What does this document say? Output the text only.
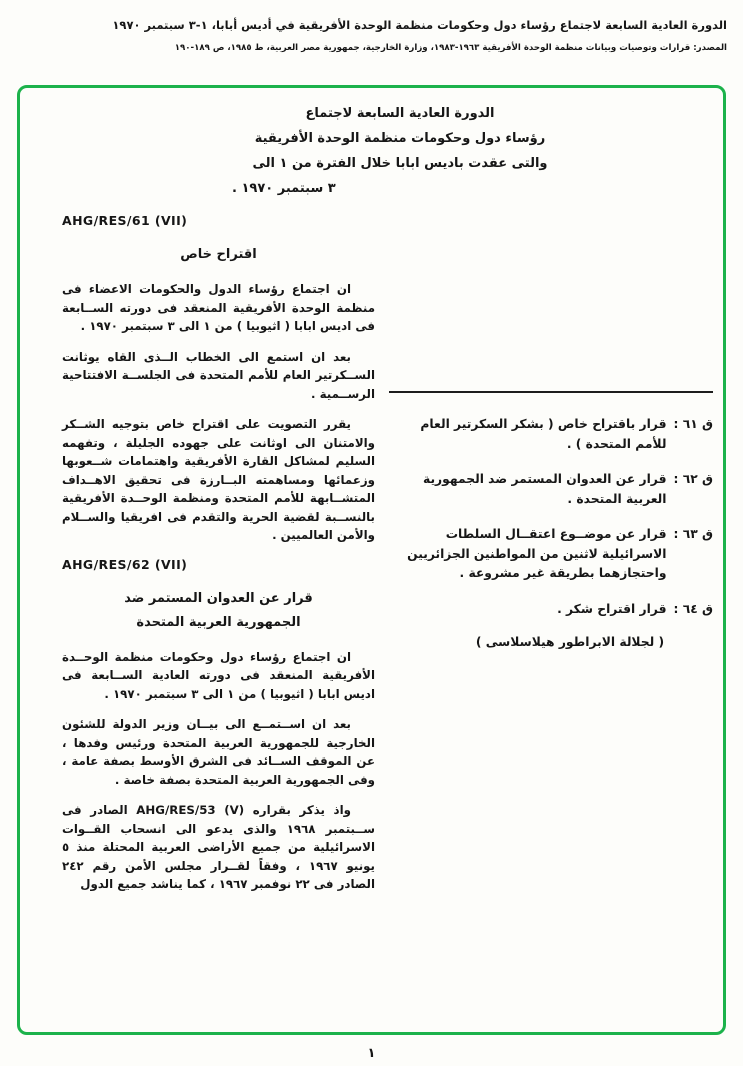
الدورة العادية السابعة لاجتماع رؤساء دول وحكومات منظمة الوحدة الأفريقية في أديس أبابا، ١-٣ سبتمبر ١٩٧٠
المصدر: قرارات وتوصيات وبيانات منظمة الوحدة الأفريقية ١٩٦٣-١٩٨٣، وزارة الخارجية، جمهورية مصر العربية، ط ١٩٨٥، ص ١٨٩-١٩٠
الدورة العادية السابعة لاجتماع
رؤساء دول وحكومات منظمة الوحدة الأفريقية
والتى عقدت باديس ابابا خلال الفترة من ١ الى
٣ سبتمبر ١٩٧٠ .
AHG/RES/61 (VII)
اقتراح خاص

ان اجتماع رؤساء الدول والحكومات الاعضاء فى منظمة الوحدة الأفريقية المنعقد فى دورته الســابعة فى اديس ابابا ( اثيوبيا ) من ١ الى ٣ سبتمبر ١٩٧٠ .

بعد ان استمع الى الخطاب الــذى القاه يوثانت الســكرتير العام للأمم المتحدة فى الجلســة الافتتاحية الرســمية .

يقرر التصويت على اقتراح خاص بتوجيه الشــكر والامتنان الى اوثانت على جهوده الجليلة ، وتفهمه السليم لمشاكل القارة الأفريقية واهتمامات شــعوبها وزعمائها ومساهمته البــارزة فى تحقيق الاهــداف المتشــابهة للأمم المتحدة ومنظمة الوحــدة الأفريقية بالنســبة لقضية الحرية والتقدم فى افريقيا والســلام والأمن العالميين .

AHG/RES/62 (VII)
قرار عن العدوان المستمر ضد
الجمهورية العربية المتحدة

ان اجتماع رؤساء دول وحكومات منظمة الوحــدة الأفريقية المنعقد فى دورته العادية الســابعة فى اديس ابابا ( اثيوبيا ) من ١ الى ٣ سبتمبر ١٩٧٠ .

بعد ان اســتمــع الى بيــان وزير الدولة للشئون الخارجية للجمهورية العربية المتحدة ورئيس وفدها ، عن الموقف الســائد فى الشرق الأوسط بصفة عامة ، وفى الجمهورية العربية المتحدة بصفة خاصة .

واذ يذكر بقراره ⁦AHG/RES/53 (V)⁩ الصادر فى ســبتمبر ١٩٦٨ والذى يدعو الى انسحاب القــوات الاسرائيلية من جميع الأراضى العربية المحتلة منذ ٥ يونيو ١٩٦٧ ، وفقاً لقــرار مجلس الأمن رقم ٢٤٢ الصادر فى ٢٢ نوفمبر ١٩٦٧ ، كما يناشد جميع الدول

ق ٦١ :
قرار باقتراح خاص ( بشكر السكرتير العام للأمم المتحدة ) .
ق ٦٢ :
قرار عن العدوان المستمر ضد الجمهورية العربية المتحدة .
ق ٦٣ :
قرار عن موضــوع اعتقــال السلطات الاسرائيلية لاثنين من المواطنين الجزائريين واحتجازهما بطريقة غير مشروعة .
ق ٦٤ :
قرار اقتراح شكر .
( لجلالة الابراطور هيلاسلاسى )
١
